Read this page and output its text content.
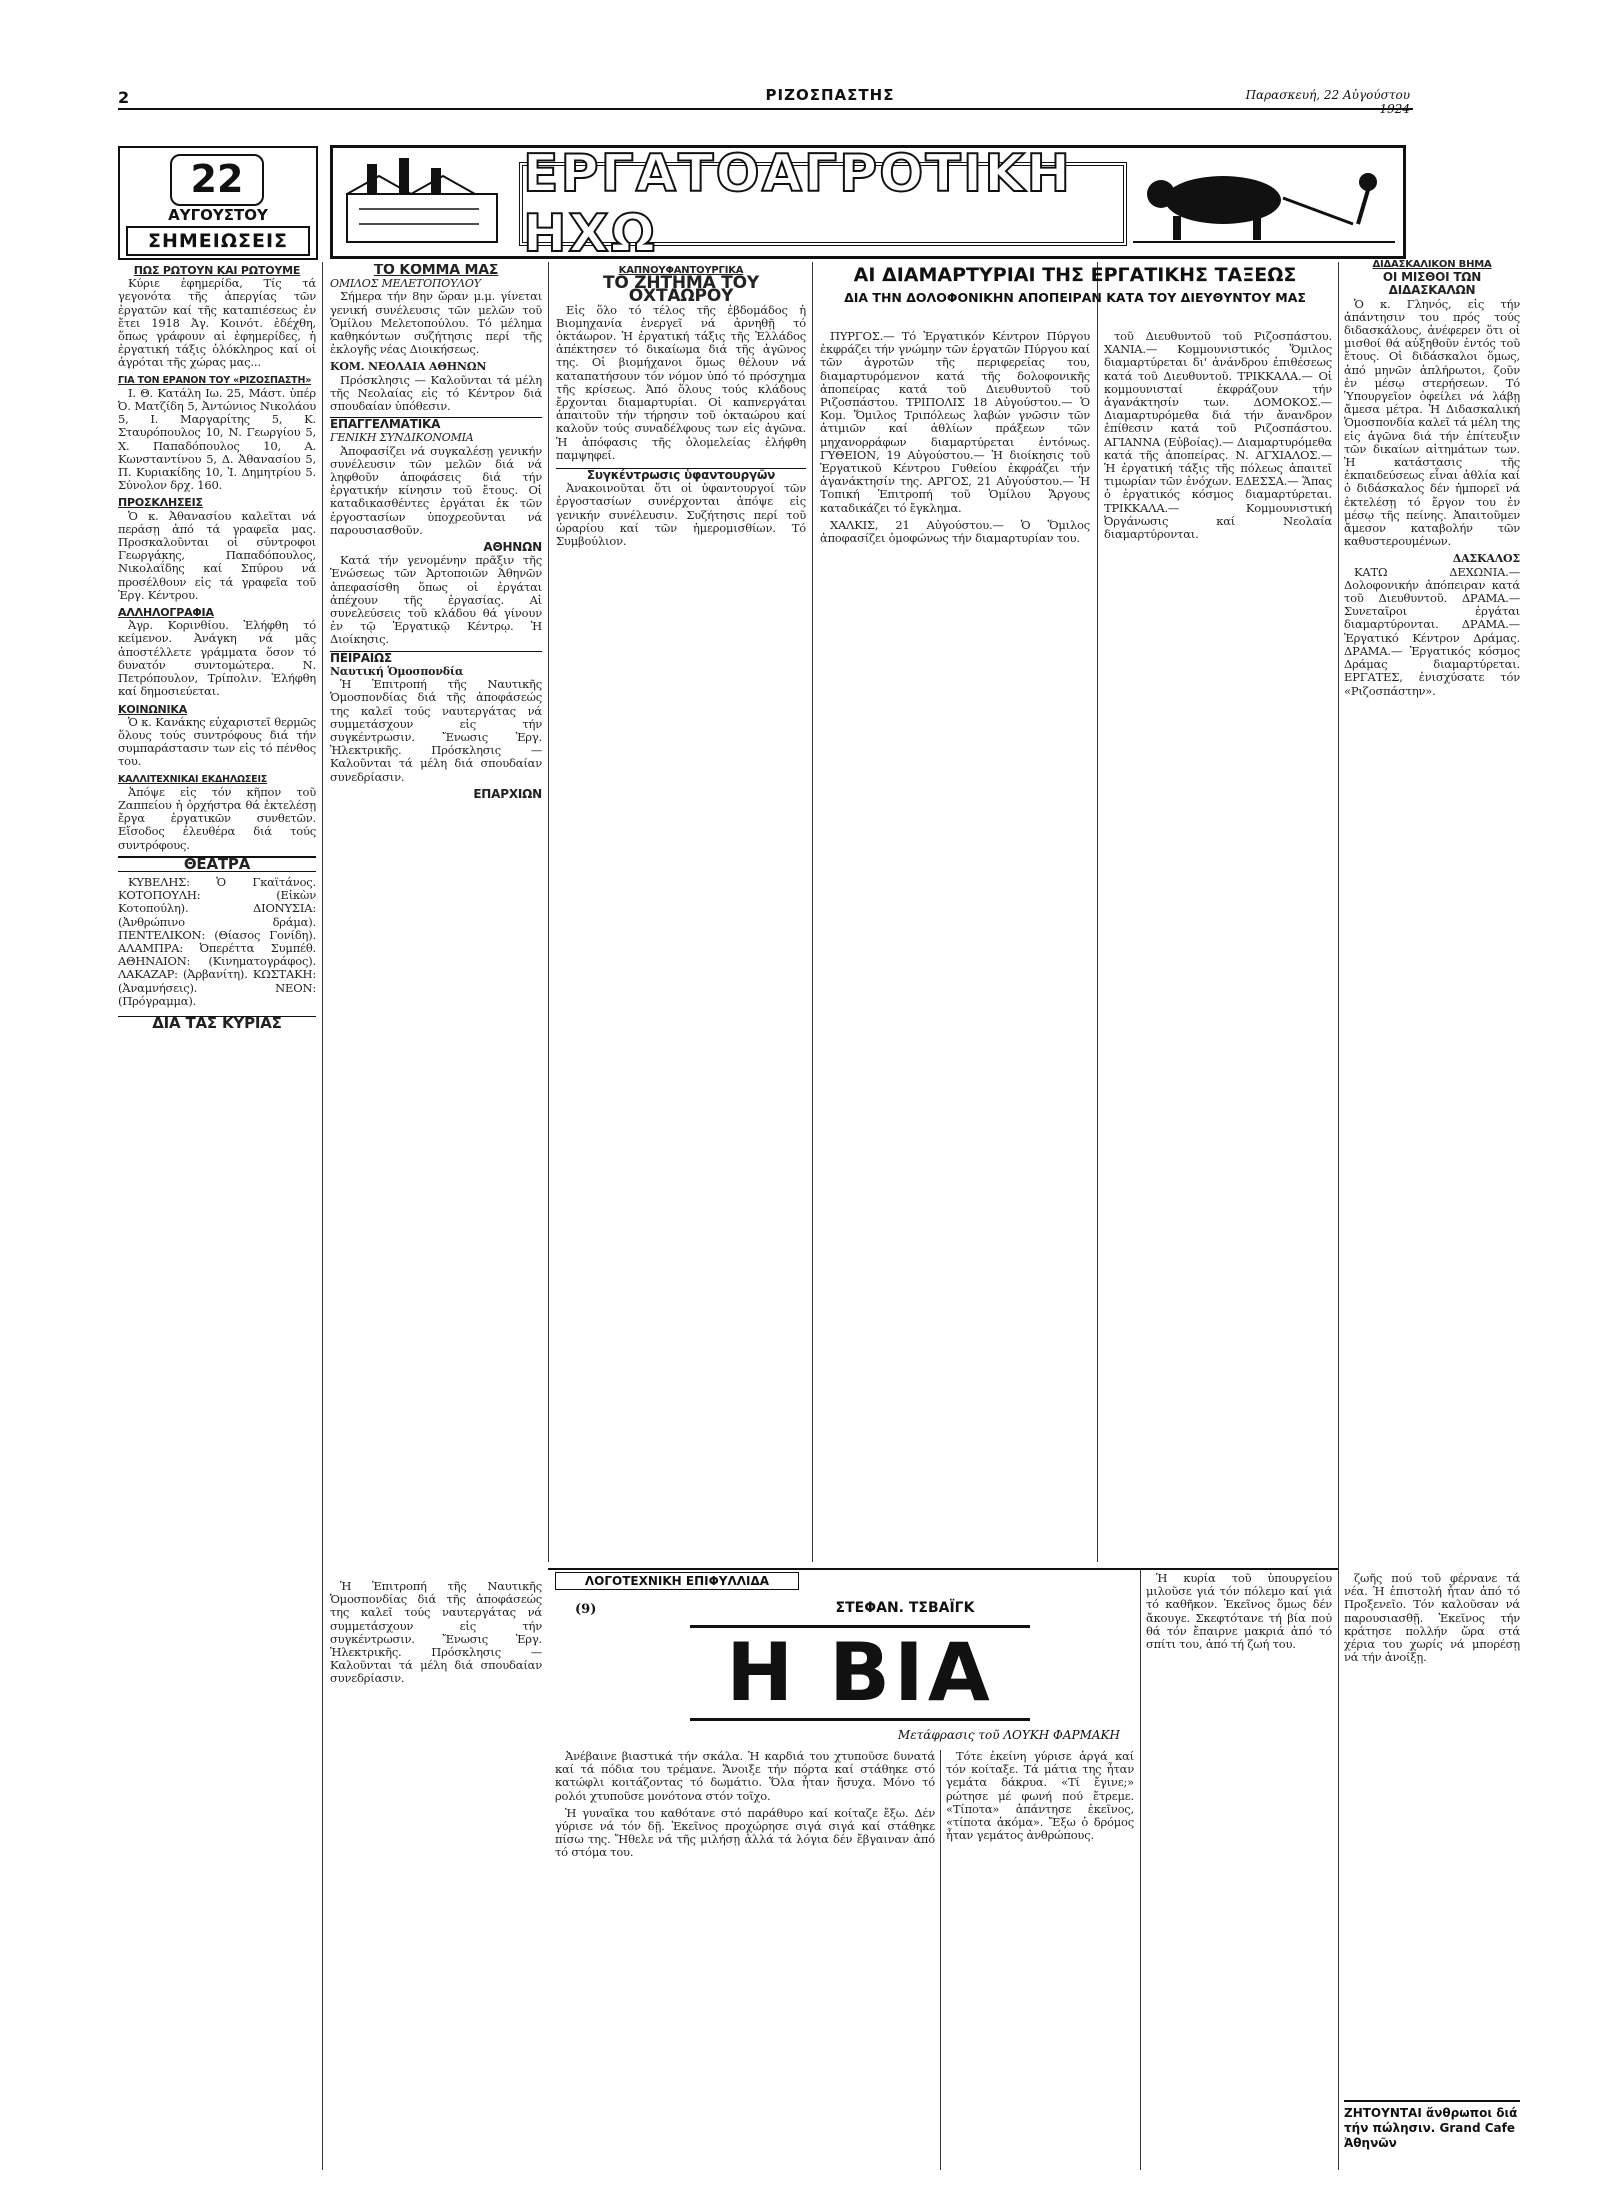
2	ΡΙΖΟΣΠΑΣΤΗΣ	Παρασκευή, 22 Αὐγούστου
22
ΑΥΓΟΥΣΤΟΥ
ΣΗΜΕΙΩΣΕΙΣ
ΕΡΓΑΤΟΑΓΡΟΤΙΚΗ ΗΧΩ
ΠΩΣ ΡΩΤΟΥΝ ΚΑΙ ΡΩΤΟΥΜΕ

Κύριε ἐφημερίδα, Τίς τά γεγονότα τῆς ἀπεργίας τῶν ἐργατῶν καί τῆς καταπιέσεως ἐν ἔτει 1918 Ἀγ. Κοινότ. ἐδέχθη, ὅπως γράφουν αἱ ἐφημερίδες, ἡ ἐργατική τάξις ὁλόκληρος καί οἱ ἀγρόται τῆς χώρας μας...

ΓΙΑ ΤΟΝ ΕΡΑΝΟΝ ΤΟΥ «ΡΙΖΟΣΠΑΣΤΗ»

Ι. Θ. Κατάλη Ιω. 25, Μάστ. ὑπέρ Ὀ. Ματζίδη 5, Ἀντώνιος Νικολάου 5, Ι. Μαργαρίτης 5, Κ. Σταυρόπουλος 10, Ν. Γεωργίου 5, Χ. Παπαδόπουλος 10, Α. Κωνσταντίνου 5, Δ. Ἀθανασίου 5, Π. Κυριακίδης 10, Ἰ. Δημητρίου 5. Σύνολον δρχ. 160.

ΠΡΟΣΚΛΗΣΕΙΣ

Ὁ κ. Ἀθανασίου καλεῖται νά περάσῃ ἀπό τά γραφεῖα μας. Προσκαλοῦνται οἱ σύντροφοι Γεωργάκης, Παπαδόπουλος, Νικολαΐδης καί Σπύρου νά προσέλθουν εἰς τά γραφεῖα τοῦ Ἐργ. Κέντρου.

ΑΛΛΗΛΟΓΡΑΦΙΑ

Ἀγρ. Κορινθίου. Ἐλήφθη τό κείμενον. Ἀνάγκη νά μᾶς ἀποστέλλετε γράμματα ὅσον τό δυνατόν συντομώτερα. Ν. Πετρόπουλον, Τρίπολιν. Ἐλήφθη καί δημοσιεύεται.

ΚΟΙΝΩΝΙΚΑ

Ὁ κ. Κανάκης εὐχαριστεῖ θερμῶς ὅλους τούς συντρόφους διά τήν συμπαράστασιν των εἰς τό πένθος του.

ΚΑΛΛΙΤΕΧΝΙΚΑΙ ΕΚΔΗΛΩΣΕΙΣ

Ἀπόψε εἰς τόν κῆπον τοῦ Ζαππείου ἡ ὀρχήστρα θά ἐκτελέσῃ ἔργα ἐργατικῶν συνθετῶν. Εἴσοδος ἐλευθέρα διά τούς συντρόφους.

ΘΕΑΤΡΑ

ΚΥΒΕΛΗΣ: Ὁ Γκαϊτάνος. ΚΟΤΟΠΟΥΛΗ: (Εἰκὼν Κοτοπούλη). ΔΙΟΝΥΣΙΑ: (Ἀνθρώπινο δράμα). ΠΕΝΤΕΛΙΚΟΝ: (Θίασος Γονίδη). ΑΛΑΜΠΡΑ: Ὀπερέττα Συμπέθ. ΑΘΗΝΑΙΟΝ: (Κινηματογράφος). ΛΑΚΑΖΑΡ: (Ἀρβανίτη). ΚΩΣΤΑΚΗ: (Ἀναμνήσεις). ΝΕΟΝ: (Πρόγραμμα).

ΔΙΑ ΤΑΣ ΚΥΡΙΑΣ
ΤΟ ΚΟΜΜΑ ΜΑΣ
ΟΜΙΛΟΣ ΜΕΛΕΤΟΠΟΥΛΟΥ

Σήμερα τήν 8ην ὥραν μ.μ. γίνεται γενική συνέλευσις τῶν μελῶν τοῦ Ὁμίλου Μελετοπούλου. Τό μέλημα καθηκόντων συζήτησις περί τῆς ἐκλογῆς νέας Διοικήσεως.

ΚΟΜ. ΝΕΟΛΑΙΑ ΑΘΗΝΩΝ

Πρόσκλησις — Καλοῦνται τά μέλη τῆς Νεολαίας εἰς τό Κέντρον διά σπουδαίαν ὑπόθεσιν.

ΕΠΑΓΓΕΛΜΑΤΙΚΑ
ΓΕΝΙΚΗ ΣΥΝΔΙΚΟΝΟΜΙΑ

Ἀποφασίζει νά συγκαλέσῃ γενικήν συνέλευσιν τῶν μελῶν διά νά ληφθοῦν ἀποφάσεις διά τήν ἐργατικήν κίνησιν τοῦ ἔτους. Οἱ καταδικασθέντες ἐργάται ἐκ τῶν ἐργοστασίων ὑποχρεοῦνται νά παρουσιασθοῦν.

ΑΘΗΝΩΝ

Κατά τήν γενομένην πρᾶξιν τῆς Ἑνώσεως τῶν Ἀρτοποιῶν Ἀθηνῶν ἀπεφασίσθη ὅπως οἱ ἐργάται ἀπέχουν τῆς ἐργασίας. Αἱ συνελεύσεις τοῦ κλάδου θά γίνουν ἐν τῷ Ἐργατικῷ Κέντρῳ. Ἡ Διοίκησις.

ΠΕΙΡΑΙΩΣ
Ναυτική Ὁμοσπονδία

Ἡ Ἐπιτροπή τῆς Ναυτικῆς Ὁμοσπονδίας διά τῆς ἀποφάσεώς της καλεῖ τούς ναυτεργάτας νά συμμετάσχουν εἰς τήν συγκέντρωσιν. Ἔνωσις Ἐργ. Ἠλεκτρικῆς. Πρόσκλησις — Καλοῦνται τά μέλη διά σπουδαίαν συνεδρίασιν.

ΕΠΑΡΧΙΩΝ
ΚΑΠΝΟΥΦΑΝΤΟΥΡΓΙΚΑ
ΤΟ ΖΗΤΗΜΑ ΤΟΥ ΟΧΤΑΩΡΟΥ

Εἰς ὅλο τό τέλος τῆς ἑβδομάδος ἡ Βιομηχανία ἐνεργεῖ νά ἀρνηθῇ τό ὀκτάωρον. Ἡ ἐργατική τάξις τῆς Ἑλλάδος ἀπέκτησεν τό δικαίωμα διά τῆς ἀγῶνος της. Οἱ βιομήχανοι ὅμως θέλουν νά καταπατήσουν τόν νόμον ὑπό τό πρόσχημα τῆς κρίσεως. Ἀπό ὅλους τούς κλάδους ἔρχονται διαμαρτυρίαι. Οἱ καπνεργάται ἀπαιτοῦν τήν τήρησιν τοῦ ὀκταώρου καί καλοῦν τούς συναδέλφους των εἰς ἀγῶνα. Ἡ ἀπόφασις τῆς ὁλομελείας ἐλήφθη παμψηφεί.

Συγκέντρωσις ὑφαντουργῶν

Ἀνακοινοῦται ὅτι οἱ ὑφαντουργοί τῶν ἐργοστασίων συνέρχονται ἀπόψε εἰς γενικήν συνέλευσιν. Συζήτησις περί τοῦ ὡραρίου καί τῶν ἡμερομισθίων. Τό Συμβούλιον.

ΑΙ ΔΙΑΜΑΡΤΥΡΙΑΙ ΤΗΣ ΕΡΓΑΤΙΚΗΣ ΤΑΞΕΩΣ
ΔΙΑ ΤΗΝ ΔΟΛΟΦΟΝΙΚΗΝ ΑΠΟΠΕΙΡΑΝ ΚΑΤΑ ΤΟΥ ΔΙΕΥΘΥΝΤΟΥ ΜΑΣ

ΠΥΡΓΟΣ.— Τό Ἐργατικόν Κέντρον Πύργου ἐκφράζει τήν γνώμην τῶν ἐργατῶν Πύργου καί τῶν ἀγροτῶν τῆς περιφερείας του, διαμαρτυρόμενον κατά τῆς δολοφονικῆς ἀποπείρας κατά τοῦ Διευθυντοῦ τοῦ Ριζοσπάστου. ΤΡΙΠΟΛΙΣ 18 Αὐγούστου.— Ὁ Κομ. Ὅμιλος Τριπόλεως λαβών γνῶσιν τῶν ἀτιμιῶν καί ἀθλίων πράξεων τῶν μηχανορράφων διαμαρτύρεται ἐντόνως. ΓΥΘΕΙΟΝ, 19 Αὐγούστου.— Ἡ διοίκησις τοῦ Ἐργατικοῦ Κέντρου Γυθείου ἐκφράζει τήν ἀγανάκτησίν της. ΑΡΓΟΣ, 21 Αὐγούστου.— Ἡ Τοπική Ἐπιτροπή τοῦ Ὁμίλου Ἄργους καταδικάζει τό ἔγκλημα.

ΧΑΛΚΙΣ, 21 Αὐγούστου.— Ὁ Ὅμιλος ἀποφασίζει ὁμοφώνως τήν διαμαρτυρίαν του.

τοῦ Διευθυντοῦ τοῦ Ριζοσπάστου. ΧΑΝΙΑ.— Κομμουνιστικός Ὅμιλος διαμαρτύρεται δι' ἀνάνδρου ἐπιθέσεως κατά τοῦ Διευθυντοῦ. ΤΡΙΚΚΑΛΑ.— Οἱ κομμουνισταί ἐκφράζουν τήν ἀγανάκτησίν των. ΔΟΜΟΚΟΣ.— Διαμαρτυρόμεθα διά τήν ἄνανδρον ἐπίθεσιν κατά τοῦ Ριζοσπάστου. ΑΓΙΑΝΝΑ (Εὐβοίας).— Διαμαρτυρόμεθα κατά τῆς ἀποπείρας. Ν. ΑΓΧΙΑΛΟΣ.— Ἡ ἐργατική τάξις τῆς πόλεως ἀπαιτεῖ τιμωρίαν τῶν ἐνόχων. ΕΔΕΣΣΑ.— Ἅπας ὁ ἐργατικός κόσμος διαμαρτύρεται. ΤΡΙΚΚΑΛΑ.— Κομμουνιστική Ὀργάνωσις καί Νεολαία διαμαρτύρονται.

ΔΙΔΑΣΚΑΛΙΚΟΝ ΒΗΜΑ
ΟΙ ΜΙΣΘΟΙ ΤΩΝ ΔΙΔΑΣΚΑΛΩΝ

Ὁ κ. Γληνός, εἰς τήν ἀπάντησιν του πρός τούς διδασκάλους, ἀνέφερεν ὅτι οἱ μισθοί θά αὐξηθοῦν ἐντός τοῦ ἔτους. Οἱ διδάσκαλοι ὅμως, ἀπό μηνῶν ἀπλήρωτοι, ζοῦν ἐν μέσῳ στερήσεων. Τό Ὑπουργεῖον ὀφείλει νά λάβῃ ἄμεσα μέτρα. Ἡ Διδασκαλική Ὁμοσπονδία καλεῖ τά μέλη της εἰς ἀγῶνα διά τήν ἐπίτευξιν τῶν δικαίων αἰτημάτων των. Ἡ κατάστασις τῆς ἐκπαιδεύσεως εἶναι ἀθλία καί ὁ διδάσκαλος δέν ἠμπορεῖ νά ἐκτελέσῃ τό ἔργον του ἐν μέσῳ τῆς πείνης. Ἀπαιτοῦμεν ἄμεσον καταβολήν τῶν καθυστερουμένων.

ΔΑΣΚΑΛΟΣ

ΚΑΤΩ ΔΕΧΩΝΙΑ.— Δολοφονικήν ἀπόπειραν κατά τοῦ Διευθυντοῦ. ΔΡΑΜΑ.— Συνεταῖροι ἐργάται διαμαρτύρονται. ΔΡΑΜΑ.— Ἐργατικό Κέντρον Δράμας. ΔΡΑΜΑ.— Ἐργατικός κόσμος Δράμας διαμαρτύρεται. ΕΡΓΑΤΕΣ, ἐνισχύσατε τόν «Ριζοσπάστην».

ΛΟΓΟΤΕΧΝΙΚΗ ΕΠΙΦΥΛΛΙΔΑ
(9)	ΣΤΕΦΑΝ. ΤΣΒΑΪΓΚ
Η ΒΙΑ
Μετάφρασις τοῦ ΛΟΥΚΗ ΦΑΡΜΑΚΗ

Ἀνέβαινε βιαστικά τήν σκάλα. Ἡ καρδιά του χτυποῦσε δυνατά καί τά πόδια του τρέμανε. Ἄνοιξε τήν πόρτα καί στάθηκε στό κατώφλι κοιτάζοντας τό δωμάτιο. Ὅλα ἦταν ἥσυχα. Μόνο τό ρολόι χτυποῦσε μονότονα στόν τοῖχο.

Ἡ γυναῖκα του καθότανε στό παράθυρο καί κοίταζε ἔξω. Δέν γύρισε νά τόν δῇ. Ἐκεῖνος προχώρησε σιγά σιγά καί στάθηκε πίσω της. Ἤθελε νά τῆς μιλήσῃ ἀλλά τά λόγια δέν ἔβγαιναν ἀπό τό στόμα του.

Τότε ἐκείνη γύρισε ἀργά καί τόν κοίταξε. Τά μάτια της ἦταν γεμάτα δάκρυα. «Τί ἔγινε;» ρώτησε μέ φωνή πού ἔτρεμε. «Τίποτα» ἀπάντησε ἐκεῖνος, «τίποτα ἀκόμα». Ἔξω ὁ δρόμος ἦταν γεμάτος ἀνθρώπους.

Ἡ κυρία τοῦ ὑπουργείου μιλοῦσε γιά τόν πόλεμο καί γιά τό καθῆκον. Ἐκεῖνος ὅμως δέν ἄκουγε. Σκεφτότανε τή βία πού θά τόν ἔπαιρνε μακριά ἀπό τό σπίτι του, ἀπό τή ζωή του.

Ἡ Ἐπιτροπή τῆς Ναυτικῆς Ὁμοσπονδίας διά τῆς ἀποφάσεώς της καλεῖ τούς ναυτεργάτας νά συμμετάσχουν εἰς τήν συγκέντρωσιν. Ἔνωσις Ἐργ. Ἠλεκτρικῆς. Πρόσκλησις — Καλοῦνται τά μέλη διά σπουδαίαν συνεδρίασιν.

ζωῆς πού τοῦ φέρνανε τά νέα. Ἡ ἐπιστολή ἦταν ἀπό τό Προξενεῖο. Τόν καλοῦσαν νά παρουσιασθῇ. Ἐκεῖνος τήν κράτησε πολλήν ὥρα στά χέρια του χωρίς νά μπορέσῃ νά τήν ἀνοίξῃ.

ΖΗΤΟΥΝΤΑΙ ἄνθρωποι διά τήν πώλησιν. Grand Cafe Ἀθηνῶν
